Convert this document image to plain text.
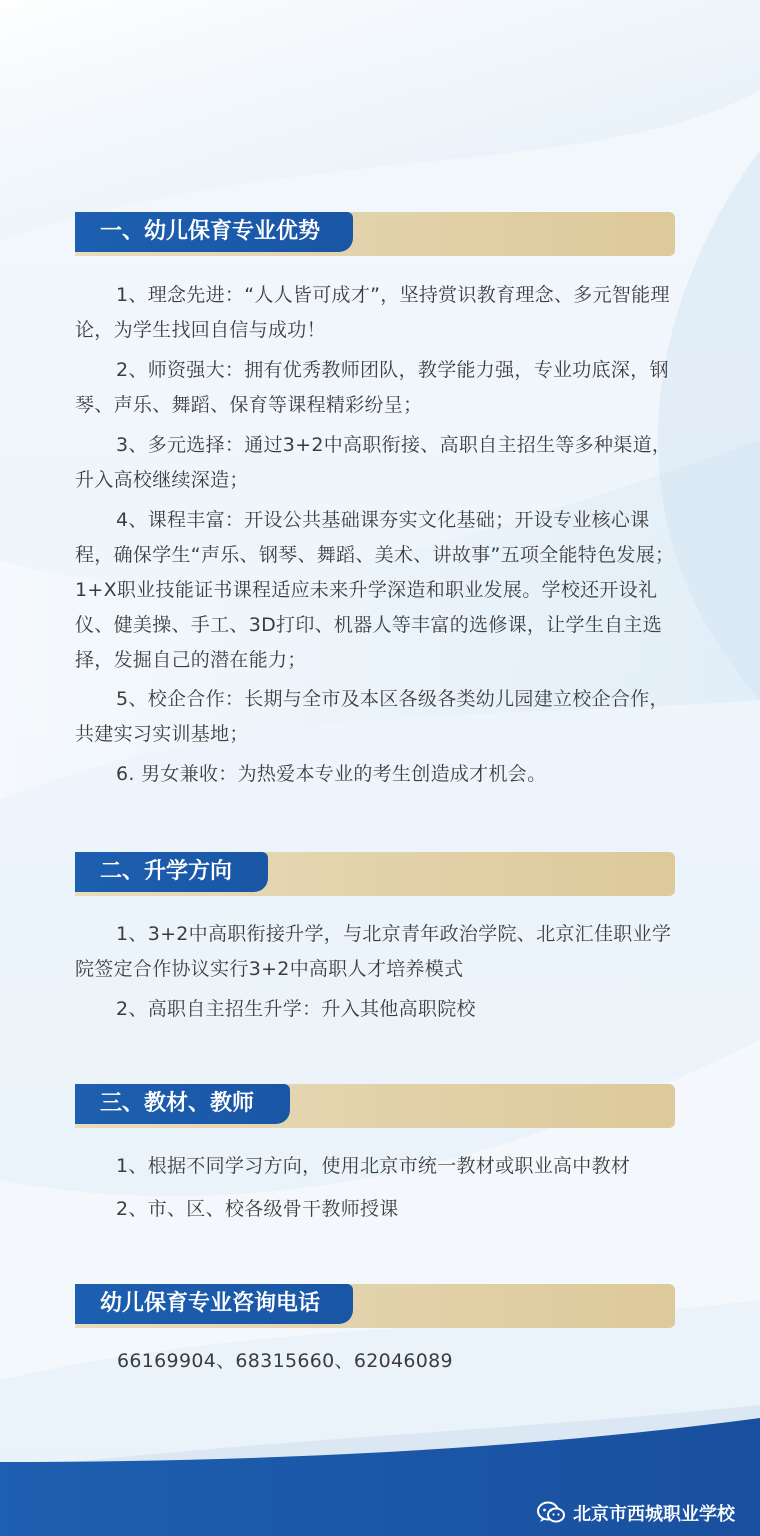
一、幼儿保育专业优势

1、理念先进：“人人皆可成才”，坚持赏识教育理念、多元智能理论，为学生找回自信与成功！

2、师资强大：拥有优秀教师团队，教学能力强，专业功底深，钢琴、声乐、舞蹈、保育等课程精彩纷呈；

3、多元选择：通过3+2中高职衔接、高职自主招生等多种渠道，升入高校继续深造；

4、课程丰富：开设公共基础课夯实文化基础；开设专业核心课程，确保学生“声乐、钢琴、舞蹈、美术、讲故事”五项全能特色发展；1+X职业技能证书课程适应未来升学深造和职业发展。学校还开设礼仪、健美操、手工、3D打印、机器人等丰富的选修课，让学生自主选择，发掘自己的潜在能力；

5、校企合作：长期与全市及本区各级各类幼儿园建立校企合作，共建实习实训基地；

6. 男女兼收：为热爱本专业的考生创造成才机会。

二、升学方向

1、3+2中高职衔接升学，与北京青年政治学院、北京汇佳职业学院签定合作协议实行3+2中高职人才培养模式

2、高职自主招生升学：升入其他高职院校

三、教材、教师

1、根据不同学习方向，使用北京市统一教材或职业高中教材

2、市、区、校各级骨干教师授课

幼儿保育专业咨询电话
66169904、68315660、62046089
北京市西城职业学校
